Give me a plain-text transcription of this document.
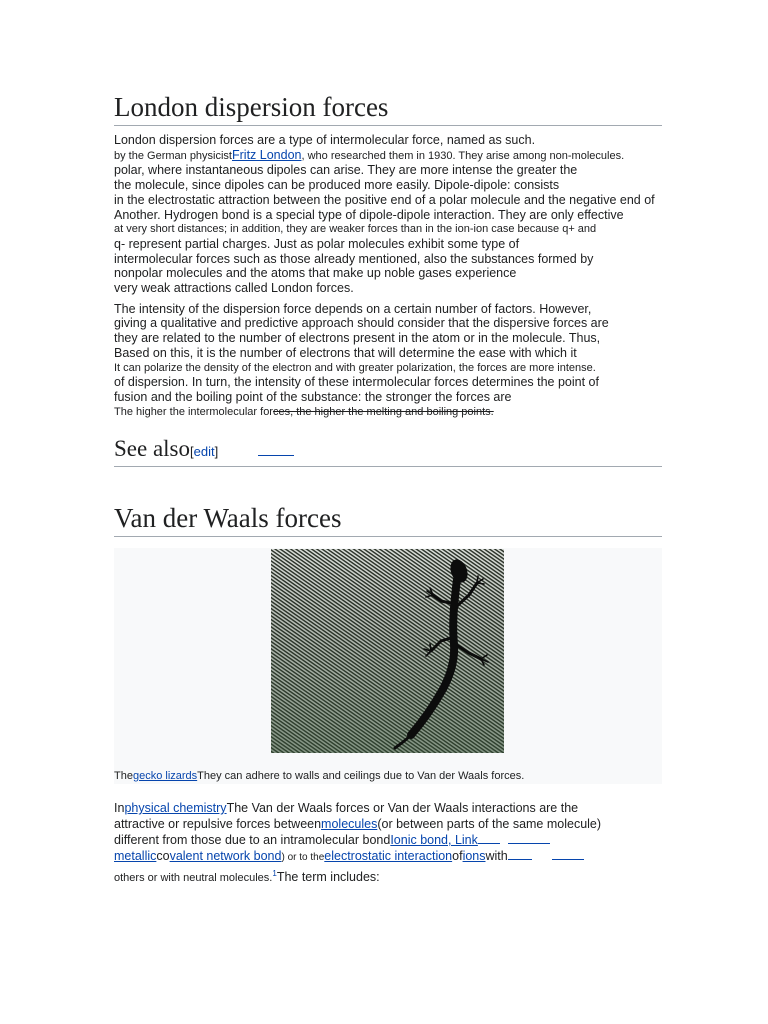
London dispersion forces
London dispersion forces are a type of intermolecular force, named as such.
by the German physicistFritz London, who researched them in 1930. They arise among non-molecules.
polar, where instantaneous dipoles can arise. They are more intense the greater the
the molecule, since dipoles can be produced more easily. Dipole-dipole: consists
in the electrostatic attraction between the positive end of a polar molecule and the negative end of
Another. Hydrogen bond is a special type of dipole-dipole interaction. They are only effective
at very short distances; in addition, they are weaker forces than in the ion-ion case because q+ and
q- represent partial charges. Just as polar molecules exhibit some type of
intermolecular forces such as those already mentioned, also the substances formed by
nonpolar molecules and the atoms that make up noble gases experience
very weak attractions called London forces.
The intensity of the dispersion force depends on a certain number of factors. However,
giving a qualitative and predictive approach should consider that the dispersive forces are
they are related to the number of electrons present in the atom or in the molecule. Thus,
Based on this, it is the number of electrons that will determine the ease with which it
It can polarize the density of the electron and with greater polarization, the forces are more intense.
of dispersion. In turn, the intensity of these intermolecular forces determines the point of
fusion and the boiling point of the substance: the stronger the forces are
The higher the intermolecular forces, the higher the melting and boiling points.
See also[edit]
Van der Waals forces
Thegecko lizardsThey can adhere to walls and ceilings due to Van der Waals forces.
Inphysical chemistryThe Van der Waals forces or Van der Waals interactions are the
attractive or repulsive forces betweenmolecules(or between parts of the same molecule)
different from those due to an intramolecular bondIonic bond, Link
metalliccovalent network bond) or to theelectrostatic interactionofionswith
others or with neutral molecules.$^1$The term includes:
